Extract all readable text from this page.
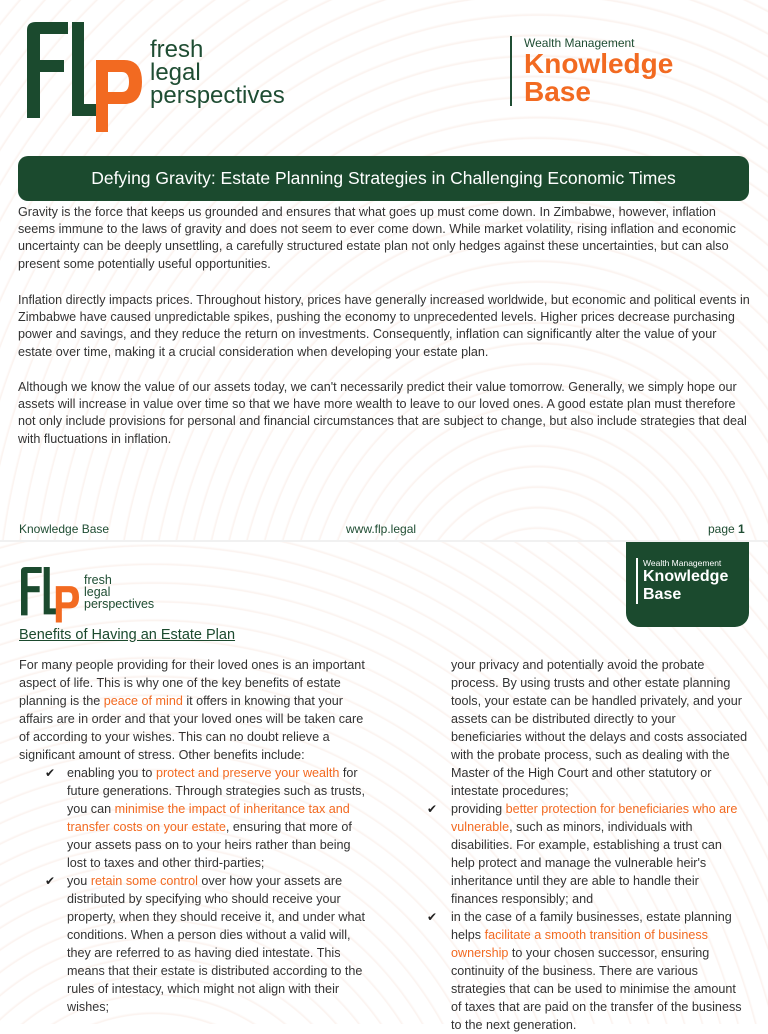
fresh
legal
perspectives
Wealth Management
Knowledge
Base
Defying Gravity: Estate Planning Strategies in Challenging Economic Times
Gravity is the force that keeps us grounded and ensures that what goes up must come down. In Zimbabwe, however, inflation seems immune to the laws of gravity and does not seem to ever come down. While market volatility, rising inflation and economic uncertainty can be deeply unsettling, a carefully structured estate plan not only hedges against these uncertainties, but can also present some potentially useful opportunities.
Inflation directly impacts prices. Throughout history, prices have generally increased worldwide, but economic and political events in Zimbabwe have caused unpredictable spikes, pushing the economy to unprecedented levels. Higher prices decrease purchasing power and savings, and they reduce the return on investments. Consequently, inflation can significantly alter the value of your estate over time, making it a crucial consideration when developing your estate plan.
Although we know the value of our assets today, we can't necessarily predict their value tomorrow. Generally, we simply hope our assets will increase in value over time so that we have more wealth to leave to our loved ones. A good estate plan must therefore not only include provisions for personal and financial circumstances that are subject to change, but also include strategies that deal with fluctuations in inflation.
Knowledge Base	www.flp.legal	page 1
fresh
legal
perspectives
Wealth Management
Knowledge
Base
Benefits of Having an Estate Plan
For many people providing for their loved ones is an important aspect of life. This is why one of the key benefits of estate planning is the peace of mind it offers in knowing that your affairs are in order and that your loved ones will be taken care of according to your wishes. This can no doubt relieve a significant amount of stress. Other benefits include:
✔ enabling you to protect and preserve your wealth for future generations. Through strategies such as trusts, you can minimise the impact of inheritance tax and transfer costs on your estate, ensuring that more of your assets pass on to your heirs rather than being lost to taxes and other third-parties;
✔ you retain some control over how your assets are distributed by specifying who should receive your property, when they should receive it, and under what conditions. When a person dies without a valid will, they are referred to as having died intestate. This means that their estate is distributed according to the rules of intestacy, which might not align with their wishes;
your privacy and potentially avoid the probate process. By using trusts and other estate planning tools, your estate can be handled privately, and your assets can be distributed directly to your beneficiaries without the delays and costs associated with the probate process, such as dealing with the Master of the High Court and other statutory or intestate procedures;
✔ providing better protection for beneficiaries who are vulnerable, such as minors, individuals with disabilities. For example, establishing a trust can help protect and manage the vulnerable heir's inheritance until they are able to handle their finances responsibly; and
✔ in the case of a family businesses, estate planning helps facilitate a smooth transition of business ownership to your chosen successor, ensuring continuity of the business. There are various strategies that can be used to minimise the amount of taxes that are paid on the transfer of the business to the next generation.
